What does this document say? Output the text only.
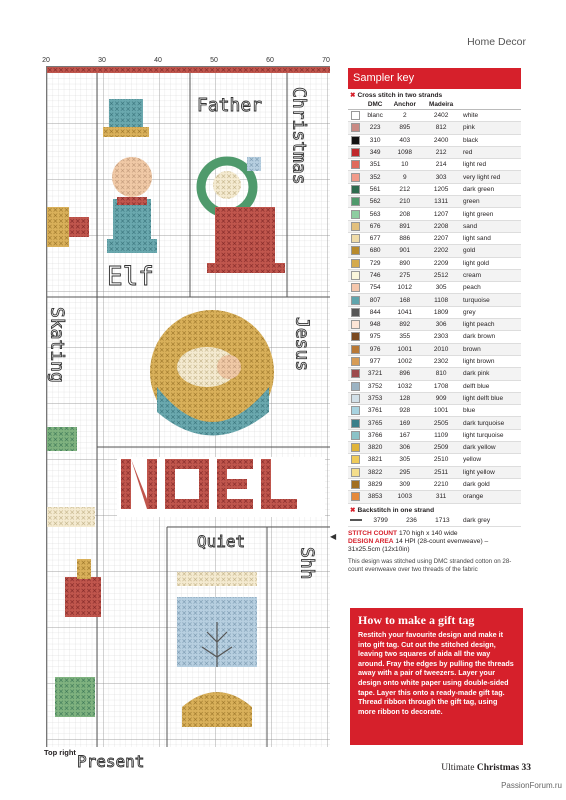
Home Decor
20	30	40	50	60	70
Father
Elf
Quiet
Present
Christmas
Skating	Jesus
Shh
◀
Top right
Sampler key
✖ Cross stitch in two strands
	DMC	Anchor	Madeira	
	blanc	2	2402	white
	223	895	812	pink
	310	403	2400	black
	349	1098	212	red
	351	10	214	light red
	352	9	303	very light red
	561	212	1205	dark green
	562	210	1311	green
	563	208	1207	light green
	676	891	2208	sand
	677	886	2207	light sand
	680	901	2202	gold
	729	890	2209	light gold
	746	275	2512	cream
	754	1012	305	peach
	807	168	1108	turquoise
	844	1041	1809	grey
	948	892	306	light peach
	975	355	2303	dark brown
	976	1001	2010	brown
	977	1002	2302	light brown
	3721	896	810	dark pink
	3752	1032	1708	delft blue
	3753	128	909	light delft blue
	3761	928	1001	blue
	3765	169	2505	dark turquoise
	3766	167	1109	light turquoise
	3820	306	2509	dark yellow
	3821	305	2510	yellow
	3822	295	2511	light yellow
	3829	309	2210	dark gold
	3853	1003	311	orange
✖ Backstitch in one strand
	3799	236	1713	dark grey
STITCH COUNT 170 high x 140 wide
DESIGN AREA 14 HPI (28-count evenweave) – 31x25.5cm (12x10in)
This design was stitched using DMC stranded cotton on 28-count evenweave over two threads of the fabric
How to make a gift tag

Restitch your favourite design and make it into gift tag. Cut out the stitched design, leaving two squares of aida all the way around. Fray the edges by pulling the threads away with a pair of tweezers. Layer your design onto white paper using double-sided tape. Layer this onto a ready-made gift tag. Thread ribbon through the gift tag, using more ribbon to decorate.

Ultimate Christmas 33
PassionForum.ru
